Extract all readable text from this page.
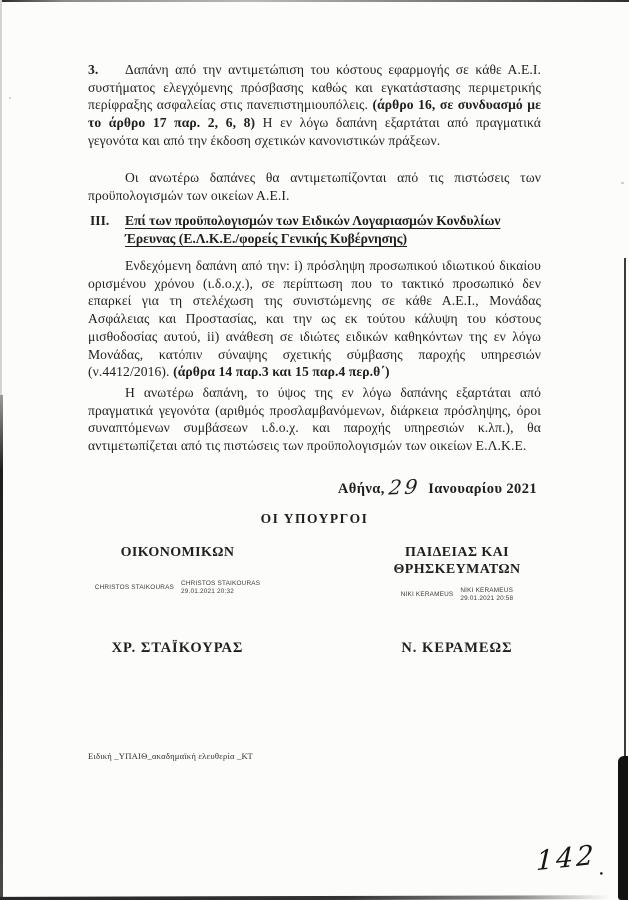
3. Δαπάνη από την αντιμετώπιση του κόστους εφαρμογής σε κάθε Α.Ε.Ι. συστήματος ελεγχόμενης πρόσβασης καθώς και εγκατάστασης περιμετρικής περίφραξης ασφαλείας στις πανεπιστημιουπόλεις. (άρθρο 16, σε συνδυασμό με το άρθρο 17 παρ. 2, 6, 8) Η εν λόγω δαπάνη εξαρτάται από πραγματικά γεγονότα και από την έκδοση σχετικών κανονιστικών πράξεων.

Οι ανωτέρω δαπάνες θα αντιμετωπίζονται από τις πιστώσεις των προϋπολογισμών των οικείων Α.Ε.Ι.

III. Επί των προϋπολογισμών των Ειδικών Λογαριασμών Κονδυλίων Έρευνας (Ε.Λ.Κ.Ε./φορείς Γενικής Κυβέρνησης)

Ενδεχόμενη δαπάνη από την: i) πρόσληψη προσωπικού ιδιωτικού δικαίου ορισμένου χρόνου (ι.δ.ο.χ.), σε περίπτωση που το τακτικό προσωπικό δεν επαρκεί για τη στελέχωση της συνιστώμενης σε κάθε Α.Ε.Ι., Μονάδας Ασφάλειας και Προστασίας, και την ως εκ τούτου κάλυψη του κόστους μισθοδοσίας αυτού, ii) ανάθεση σε ιδιώτες ειδικών καθηκόντων της εν λόγω Μονάδας, κατόπιν σύναψης σχετικής σύμβασης παροχής υπηρεσιών (ν.4412/2016). (άρθρα 14 παρ.3 και 15 παρ.4 περ.θ΄)

Η ανωτέρω δαπάνη, το ύψος της εν λόγω δαπάνης εξαρτάται από πραγματικά γεγονότα (αριθμός προσλαμβανόμενων, διάρκεια πρόσληψης, όροι συναπτόμενων συμβάσεων ι.δ.ο.χ. και παροχής υπηρεσιών κ.λπ.), θα αντιμετωπίζεται από τις πιστώσεις των προϋπολογισμών των οικείων Ε.Λ.Κ.Ε.

Αθήνα, 29 Ιανουαρίου 2021
ΟΙ ΥΠΟΥΡΓΟΙ
ΟΙΚΟΝΟΜΙΚΩΝ
CHRISTOS STAIKOURAS
CHRISTOS STAIKOURAS
29.01.2021 20:32
ΧΡ. ΣΤΑΪΚΟΥΡΑΣ
ΠΑΙΔΕΙΑΣ ΚΑΙ
ΘΡΗΣΚΕΥΜΑΤΩΝ
NIKI KERAMEUS
NIKI KERAMEUS
29.01.2021 20:58
Ν. ΚΕΡΑΜΕΩΣ
Ειδική _ΥΠΑΙΘ_ακαδημαϊκή ελευθερία _ΚΤ
142 .
